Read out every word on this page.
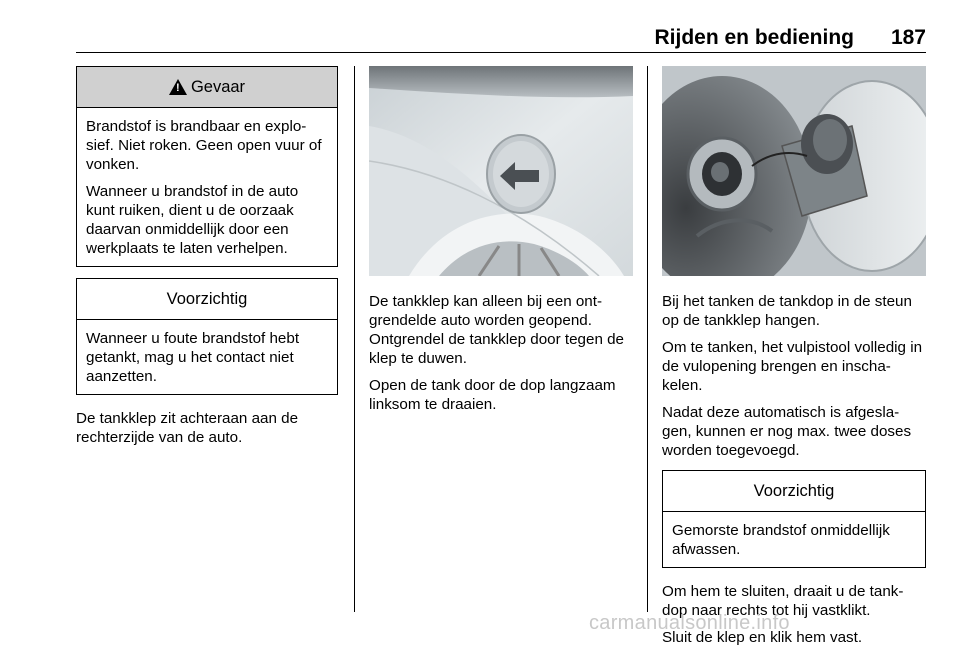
Rijden en bediening 187
! Gevaar

Brandstof is brandbaar en explo-sief. Niet roken. Geen open vuur of vonken.

Wanneer u brandstof in de auto kunt ruiken, dient u de oorzaak daarvan onmiddellijk door een werkplaats te laten verhelpen.

Voorzichtig

Wanneer u foute brandstof hebt getankt, mag u het contact niet aanzetten.

De tankklep zit achteraan aan de rechterzijde van de auto.

De tankklep kan alleen bij een ont-grendelde auto worden geopend. Ontgrendel de tankklep door tegen de klep te duwen.

Open de tank door de dop langzaam linksom te draaien.

Bij het tanken de tankdop in de steun op de tankklep hangen.

Om te tanken, het vulpistool volledig in de vulopening brengen en inscha-kelen.

Nadat deze automatisch is afgesla-gen, kunnen er nog max. twee doses worden toegevoegd.

Voorzichtig

Gemorste brandstof onmiddellijk afwassen.

Om hem te sluiten, draait u de tank-dop naar rechts tot hij vastklikt.

Sluit de klep en klik hem vast.

carmanualsonline.info
